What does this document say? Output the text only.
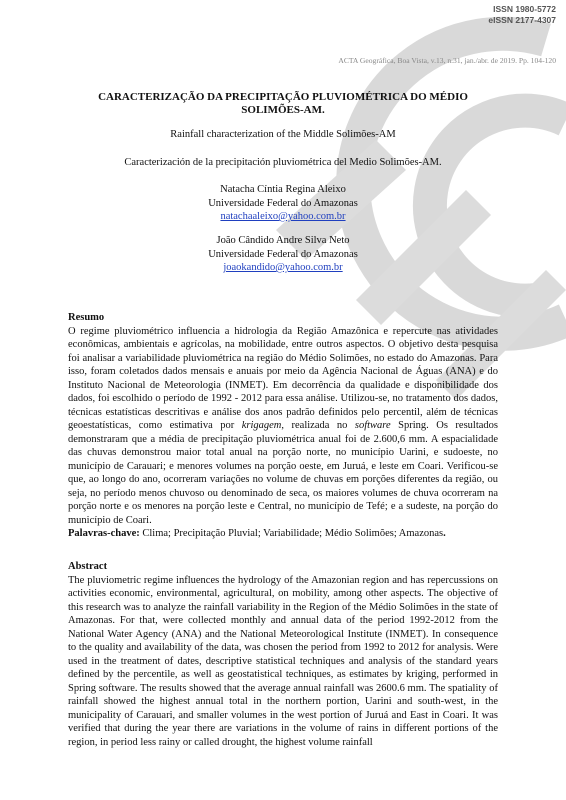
ISSN 1980-5772
eISSN 2177-4307
ACTA Geográfica, Boa Vista, v.13, n.31, jan./abr. de 2019. Pp. 104-120
CARACTERIZAÇÃO DA PRECIPITAÇÃO PLUVIOMÉTRICA DO MÉDIO
SOLIMÕES-AM.
Rainfall characterization of the Middle Solimões-AM
Caracterización de la precipitación pluviométrica del Medio Solimões-AM.
Natacha Cíntia Regina Aleixo
Universidade Federal do Amazonas
natachaaleixo@yahoo.com.br
João Cândido Andre Silva Neto
Universidade Federal do Amazonas
joaokandido@yahoo.com.br
Resumo

O regime pluviométrico influencia a hidrologia da Região Amazônica e repercute nas atividades econômicas, ambientais e agrícolas, na mobilidade, entre outros aspectos. O objetivo desta pesquisa foi analisar a variabilidade pluviométrica na região do Médio Solimões, no estado do Amazonas. Para isso, foram coletados dados mensais e anuais por meio da Agência Nacional de Águas (ANA) e do Instituto Nacional de Meteorologia (INMET). Em decorrência da qualidade e disponibilidade dos dados, foi escolhido o período de 1992 - 2012 para essa análise. Utilizou-se, no tratamento dos dados, técnicas estatísticas descritivas e análise dos anos padrão definidos pelo percentil, além de técnicas geoestatísticas, como estimativa por krigagem, realizada no software Spring. Os resultados demonstraram que a média de precipitação pluviométrica anual foi de 2.600,6 mm. A espacialidade das chuvas demonstrou maior total anual na porção norte, no município Uarini, e sudoeste, no município de Carauari; e menores volumes na porção oeste, em Juruá, e leste em Coari. Verificou-se que, ao longo do ano, ocorreram variações no volume de chuvas em porções diferentes da região, ou seja, no período menos chuvoso ou denominado de seca, os maiores volumes de chuva ocorreram na porção norte e os menores na porção leste e Central, no município de Tefé; e a sudeste, na porção do município de Coari.

Palavras-chave: Clima; Precipitação Pluvial; Variabilidade; Médio Solimões; Amazonas.

Abstract

The pluviometric regime influences the hydrology of the Amazonian region and has repercussions on activities economic, environmental, agricultural, on mobility, among other aspects. The objective of this research was to analyze the rainfall variability in the Region of the Médio Solimões in the state of Amazonas. For that, were collected monthly and annual data of the period 1992-2012 from the National Water Agency (ANA) and the National Meteorological Institute (INMET). In consequence to the quality and availability of the data, was chosen the period from 1992 to 2012 for analysis. Were used in the treatment of dates, descriptive statistical techniques and analysis of the standard years defined by the percentile, as well as geostatistical techniques, as estimates by kriging, performed in Spring software. The results showed that the average annual rainfall was 2600.6 mm. The spatiality of rainfall showed the highest annual total in the northern portion, Uarini and south-west, in the municipality of Carauari, and smaller volumes in the west portion of Juruá and East in Coari. It was verified that during the year there are variations in the volume of rains in different portions of the region, in period less rainy or called drought, the highest volume rainfall
